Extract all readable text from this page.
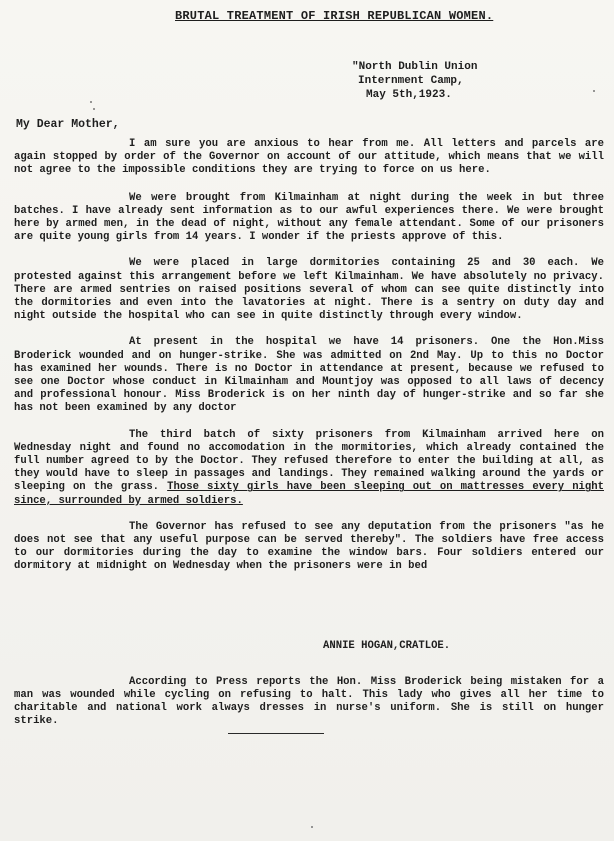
BRUTAL TREATMENT OF IRISH REPUBLICAN WOMEN.
"North Dublin Union
Internment Camp,
May 5th,1923.
My Dear Mother,

I am sure you are anxious to hear from me. All letters and parcels are again stopped by order of the Governor on account of our attitude, which means that we will not agree to the impossible conditions they are trying to force on us here.

We were brought from Kilmainham at night during the week in but three batches. I have already sent information as to our awful experiences there. We were brought here by armed men, in the dead of night, without any female attendant. Some of our prisoners are quite young girls from 14 years. I wonder if the priests approve of this.

We were placed in large dormitories containing 25 and 30 each. We protested against this arrangement before we left Kilmainham. We have absolutely no privacy. There are armed sentries on raised positions several of whom can see quite distinctly into the dormitories and even into the lavatories at night. There is a sentry on duty day and night outside the hospital who can see in quite distinctly through every window.

At present in the hospital we have 14 prisoners. One the Hon.Miss Broderick wounded and on hunger-strike. She was admitted on 2nd May. Up to this no Doctor has examined her wounds. There is no Doctor in attendance at present, because we refused to see one Doctor whose conduct in Kilmainham and Mountjoy was opposed to all laws of decency and professional honour. Miss Broderick is on her ninth day of hunger-strike and so far she has not been examined by any doctor

The third batch of sixty prisoners from Kilmainham arrived here on Wednesday night and found no accomodation in the mormitories, which already contained the full number agreed to by the Doctor. They refused therefore to enter the building at all, as they would have to sleep in passages and landings. They remained walking around the yards or sleeping on the grass. Those sixty girls have been sleeping out on mattresses every night since, surrounded by armed soldiers.

The Governor has refused to see any deputation from the prisoners "as he does not see that any useful purpose can be served thereby". The soldiers have free access to our dormitories during the day to examine the window bars. Four soldiers entered our dormitory at midnight on Wednesday when the prisoners were in bed

ANNIE HOGAN,CRATLOE.

According to Press reports the Hon. Miss Broderick being mistaken for a man was wounded while cycling on refusing to halt. This lady who gives all her time to charitable and national work always dresses in nurse's uniform. She is still on hunger strike.
